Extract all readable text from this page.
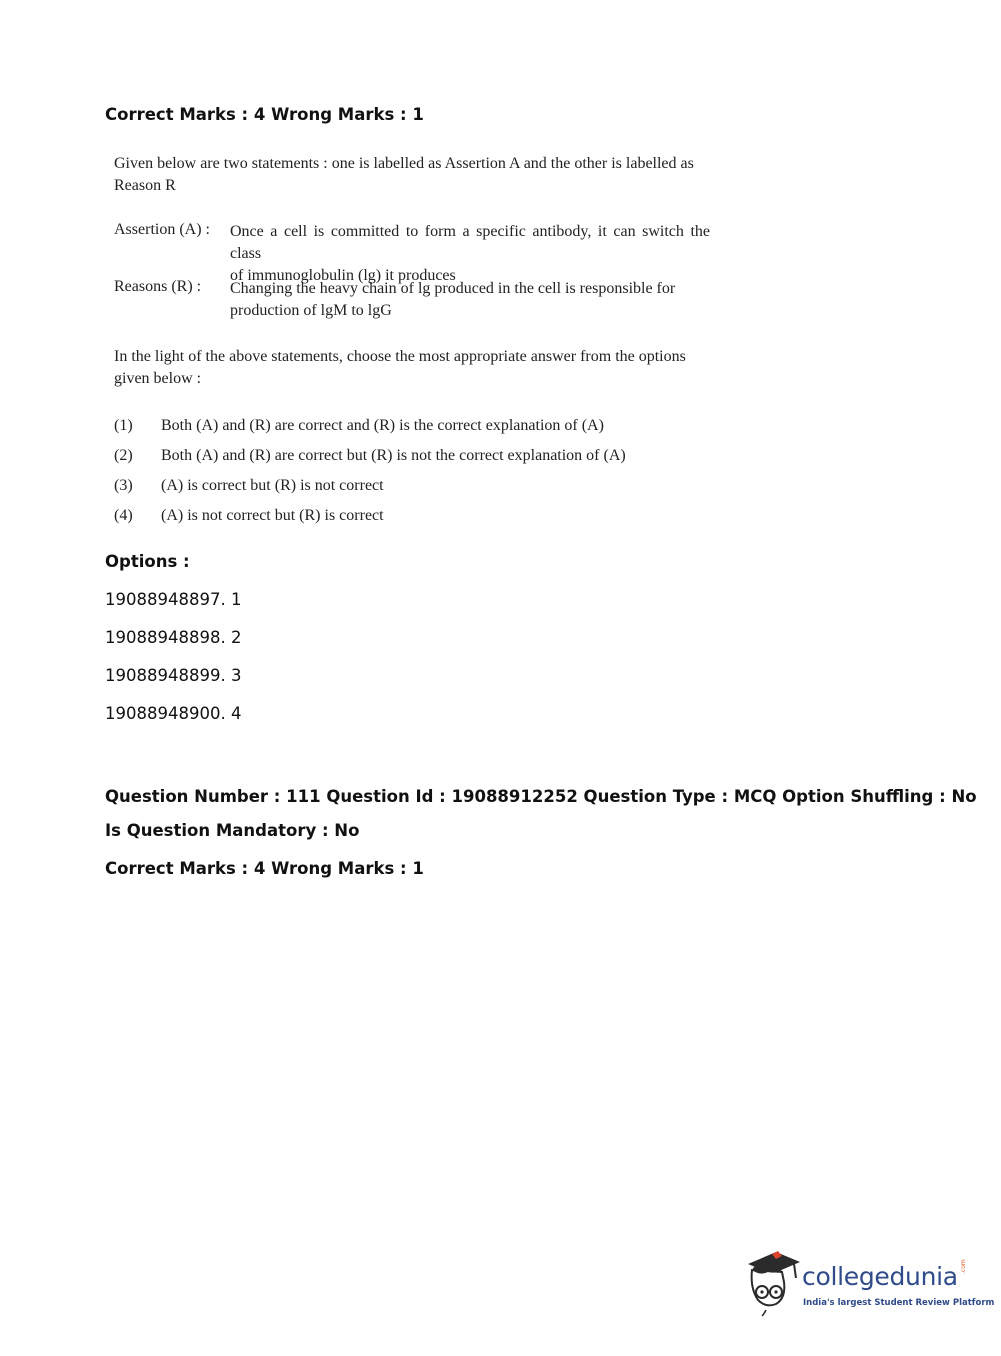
Correct Marks : 4 Wrong Marks : 1

Given below are two statements : one is labelled as Assertion A and the other is labelled as

Reason R

Assertion (A) : Once a cell is committed to form a specific antibody, it can switch the class

of immunoglobulin (lg) it produces

Reasons (R) : Changing the heavy chain of lg produced in the cell is responsible for

production of lgM to lgG

In the light of the above statements, choose the most appropriate answer from the options

given below :

(1) Both (A) and (R) are correct and (R) is the correct explanation of (A)
(2) Both (A) and (R) are correct but (R) is not the correct explanation of (A)
(3) (A) is correct but (R) is not correct
(4) (A) is not correct but (R) is correct
Options :
19088948897. 1
19088948898. 2
19088948899. 3
19088948900. 4
Question Number : 111 Question Id : 19088912252 Question Type : MCQ Option Shuffling : No
Is Question Mandatory : No
Correct Marks : 4 Wrong Marks : 1
collegedunia .com
India's largest Student Review Platform
